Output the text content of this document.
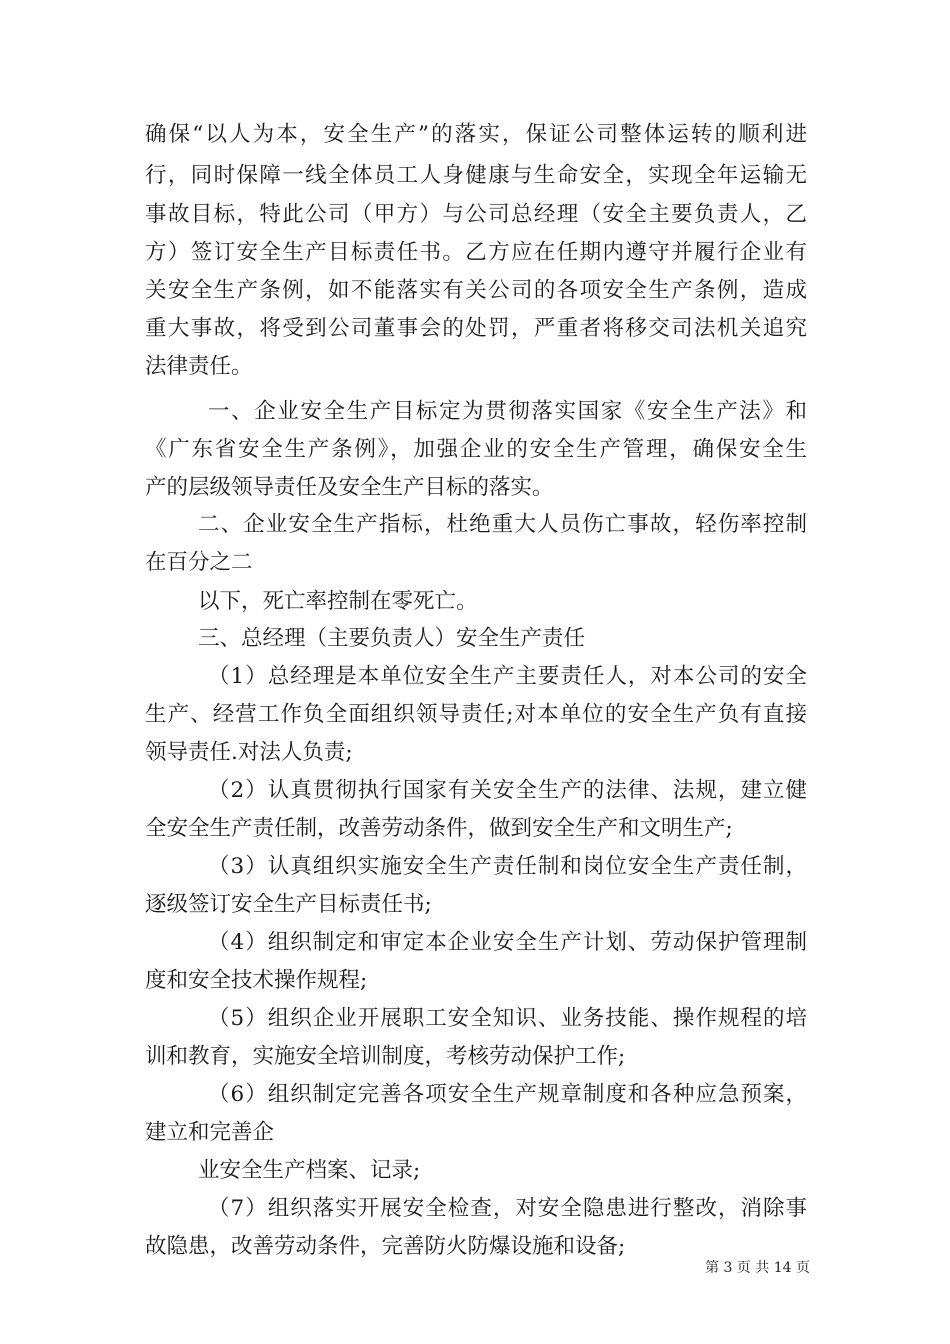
确保“以人为本，安全生产”的落实，保证公司整体运转的顺利进
行，同时保障一线全体员工人身健康与生命安全，实现全年运输无
事故目标，特此公司（甲方）与公司总经理（安全主要负责人，乙
方）签订安全生产目标责任书。乙方应在任期内遵守并履行企业有
关安全生产条例，如不能落实有关公司的各项安全生产条例，造成
重大事故，将受到公司董事会的处罚，严重者将移交司法机关追究
法律责任。
一、企业安全生产目标定为贯彻落实国家《安全生产法》和
《广东省安全生产条例》，加强企业的安全生产管理，确保安全生
产的层级领导责任及安全生产目标的落实。
二、企业安全生产指标，杜绝重大人员伤亡事故，轻伤率控制
在百分之二
以下，死亡率控制在零死亡。
三、总经理（主要负责人）安全生产责任
（1）总经理是本单位安全生产主要责任人，对本公司的安全
生产、经营工作负全面组织领导责任;对本单位的安全生产负有直接
领导责任.对法人负责;
（2）认真贯彻执行国家有关安全生产的法律、法规，建立健
全安全生产责任制，改善劳动条件，做到安全生产和文明生产;
（3）认真组织实施安全生产责任制和岗位安全生产责任制，
逐级签订安全生产目标责任书;
（4）组织制定和审定本企业安全生产计划、劳动保护管理制
度和安全技术操作规程;
（5）组织企业开展职工安全知识、业务技能、操作规程的培
训和教育，实施安全培训制度，考核劳动保护工作;
（6）组织制定完善各项安全生产规章制度和各种应急预案，
建立和完善企
业安全生产档案、记录;
（7）组织落实开展安全检查，对安全隐患进行整改，消除事
故隐患，改善劳动条件，完善防火防爆设施和设备;
第 3 页 共 14 页
